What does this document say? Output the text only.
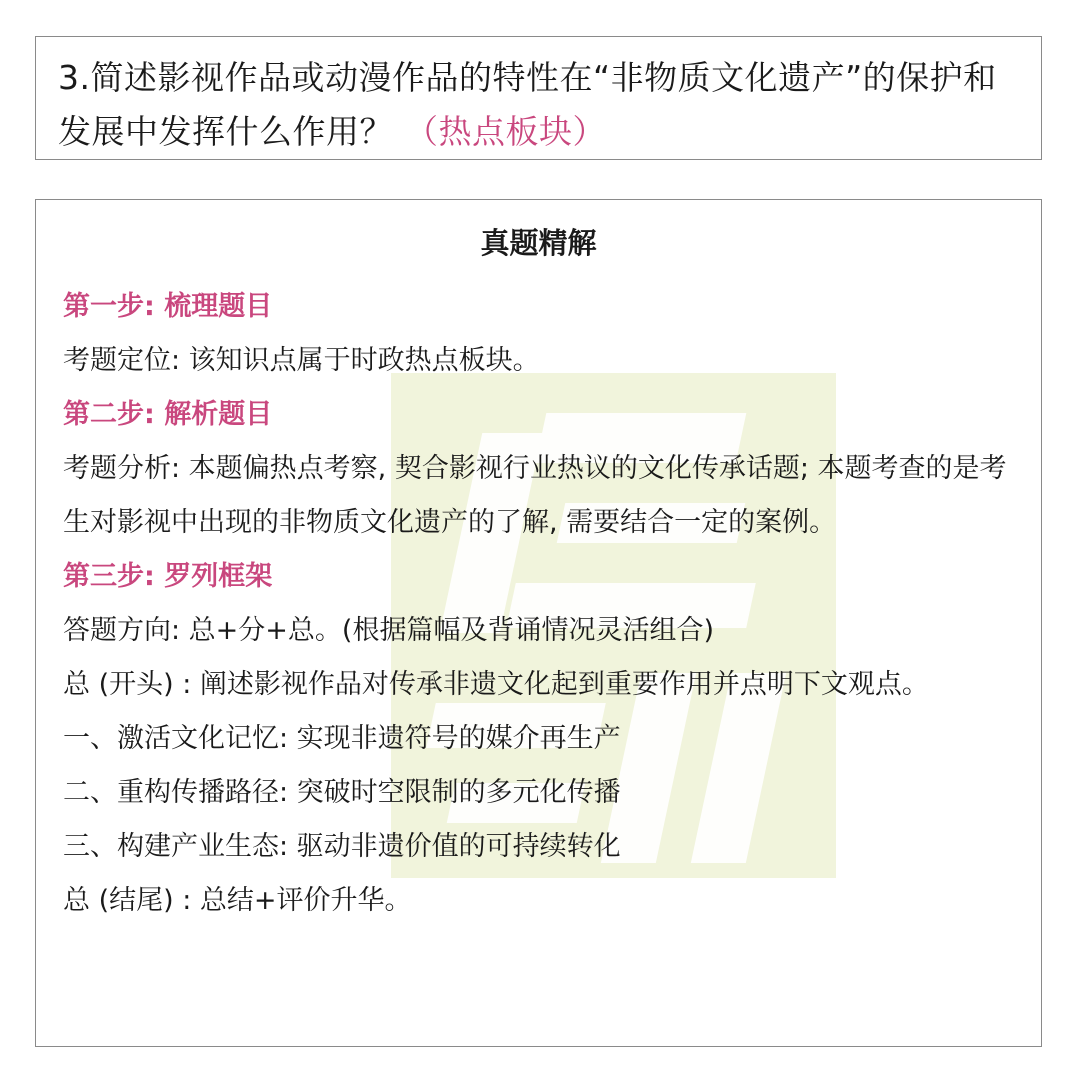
3.简述影视作品或动漫作品的特性在“非物质文化遗产”的保护和发展中发挥什么作用？ （热点板块）

真题精解

第一步: 梳理题目

考题定位: 该知识点属于时政热点板块。

第二步: 解析题目

考题分析: 本题偏热点考察, 契合影视行业热议的文化传承话题; 本题考查的是考生对影视中出现的非物质文化遗产的了解, 需要结合一定的案例。

第三步: 罗列框架

答题方向: 总+分+总。(根据篇幅及背诵情况灵活组合)

总 (开头) : 阐述影视作品对传承非遗文化起到重要作用并点明下文观点。

一、激活文化记忆: 实现非遗符号的媒介再生产

二、重构传播路径: 突破时空限制的多元化传播

三、构建产业生态: 驱动非遗价值的可持续转化

总 (结尾) : 总结+评价升华。
